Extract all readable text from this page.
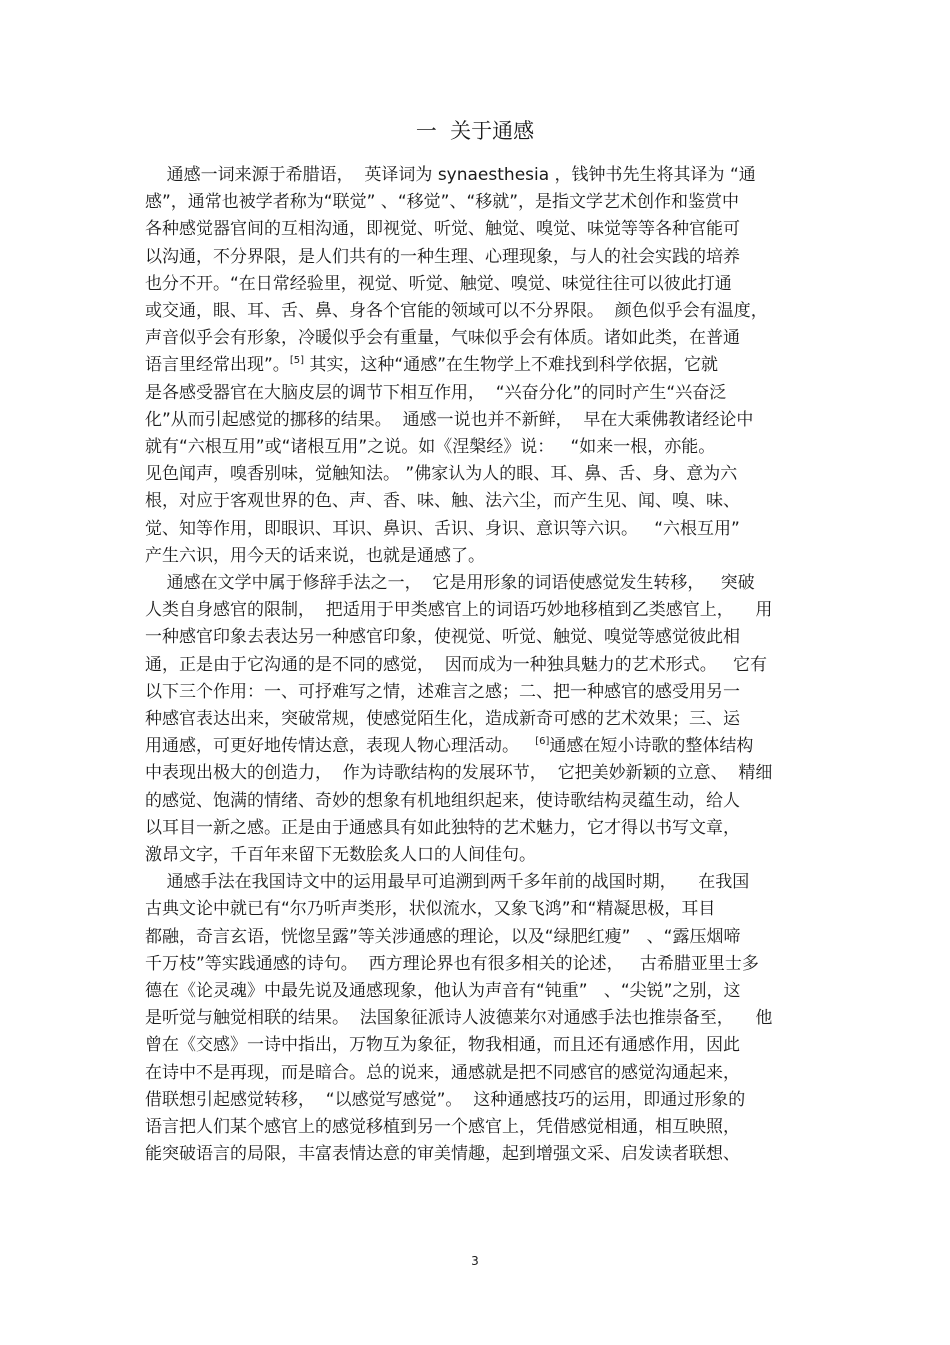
一  关于通感
通感一词来源于希腊语，  英译词为 synaesthesia ，钱钟书先生将其译为 “通
感”，通常也被学者称为“联觉” 、“移觉”、“移就”，是指文学艺术创作和鉴赏中
各种感觉器官间的互相沟通，即视觉、听觉、触觉、嗅觉、味觉等等各种官能可
以沟通，不分界限，是人们共有的一种生理、心理现象，与人的社会实践的培养
也分不开。“在日常经验里，视觉、听觉、触觉、嗅觉、味觉往往可以彼此打通
或交通，眼、耳、舌、鼻、身各个官能的领域可以不分界限。  颜色似乎会有温度，
声音似乎会有形象，冷暖似乎会有重量，气味似乎会有体质。诸如此类，在普通
语言里经常出现”。[5] 其实，这种“通感”在生物学上不难找到科学依据，它就
是各感受器官在大脑皮层的调节下相互作用，  “兴奋分化”的同时产生“兴奋泛
化”从而引起感觉的挪移的结果。  通感一说也并不新鲜，  早在大乘佛教诸经论中
就有“六根互用”或“诸根互用”之说。如《涅槃经》说：   “如来一根，亦能。
见色闻声，嗅香别味，觉触知法。 ”佛家认为人的眼、耳、鼻、舌、身、意为六
根，对应于客观世界的色、声、香、味、触、法六尘，而产生见、闻、嗅、味、
觉、知等作用，即眼识、耳识、鼻识、舌识、身识、意识等六识。   “六根互用”
产生六识，用今天的话来说，也就是通感了。
通感在文学中属于修辞手法之一，  它是用形象的词语使感觉发生转移，   突破
人类自身感官的限制，  把适用于甲类感官上的词语巧妙地移植到乙类感官上，    用
一种感官印象去表达另一种感官印象，使视觉、听觉、触觉、嗅觉等感觉彼此相
通，正是由于它沟通的是不同的感觉，  因而成为一种独具魅力的艺术形式。   它有
以下三个作用：一、可抒难写之情，述难言之感；二、把一种感官的感受用另一
种感官表达出来，突破常规，使感觉陌生化，造成新奇可感的艺术效果；三、运
用通感，可更好地传情达意，表现人物心理活动。   [6]通感在短小诗歌的整体结构
中表现出极大的创造力，  作为诗歌结构的发展环节，  它把美妙新颖的立意、  精细
的感觉、饱满的情绪、奇妙的想象有机地组织起来，使诗歌结构灵蕴生动，给人
以耳目一新之感。正是由于通感具有如此独特的艺术魅力，它才得以书写文章，
激昂文字，千百年来留下无数脍炙人口的人间佳句。
通感手法在我国诗文中的运用最早可追溯到两千多年前的战国时期，    在我国
古典文论中就已有“尔乃听声类形，状似流水，又象飞鸿”和“精凝思极，耳目
都融，奇言玄语，恍惚呈露”等关涉通感的理论，以及“绿肥红瘦”   、“露压烟啼
千万枝”等实践通感的诗句。  西方理论界也有很多相关的论述，   古希腊亚里士多
德在《论灵魂》中最先说及通感现象，他认为声音有“钝重”   、“尖锐”之别，这
是听觉与触觉相联的结果。  法国象征派诗人波德莱尔对通感手法也推崇备至，    他
曾在《交感》一诗中指出，万物互为象征，物我相通，而且还有通感作用，因此
在诗中不是再现，而是暗合。总的说来，通感就是把不同感官的感觉沟通起来，
借联想引起感觉转移，  “以感觉写感觉”。  这种通感技巧的运用，即通过形象的
语言把人们某个感官上的感觉移植到另一个感官上，凭借感觉相通，相互映照，
能突破语言的局限，丰富表情达意的审美情趣，起到增强文采、启发读者联想、
3
